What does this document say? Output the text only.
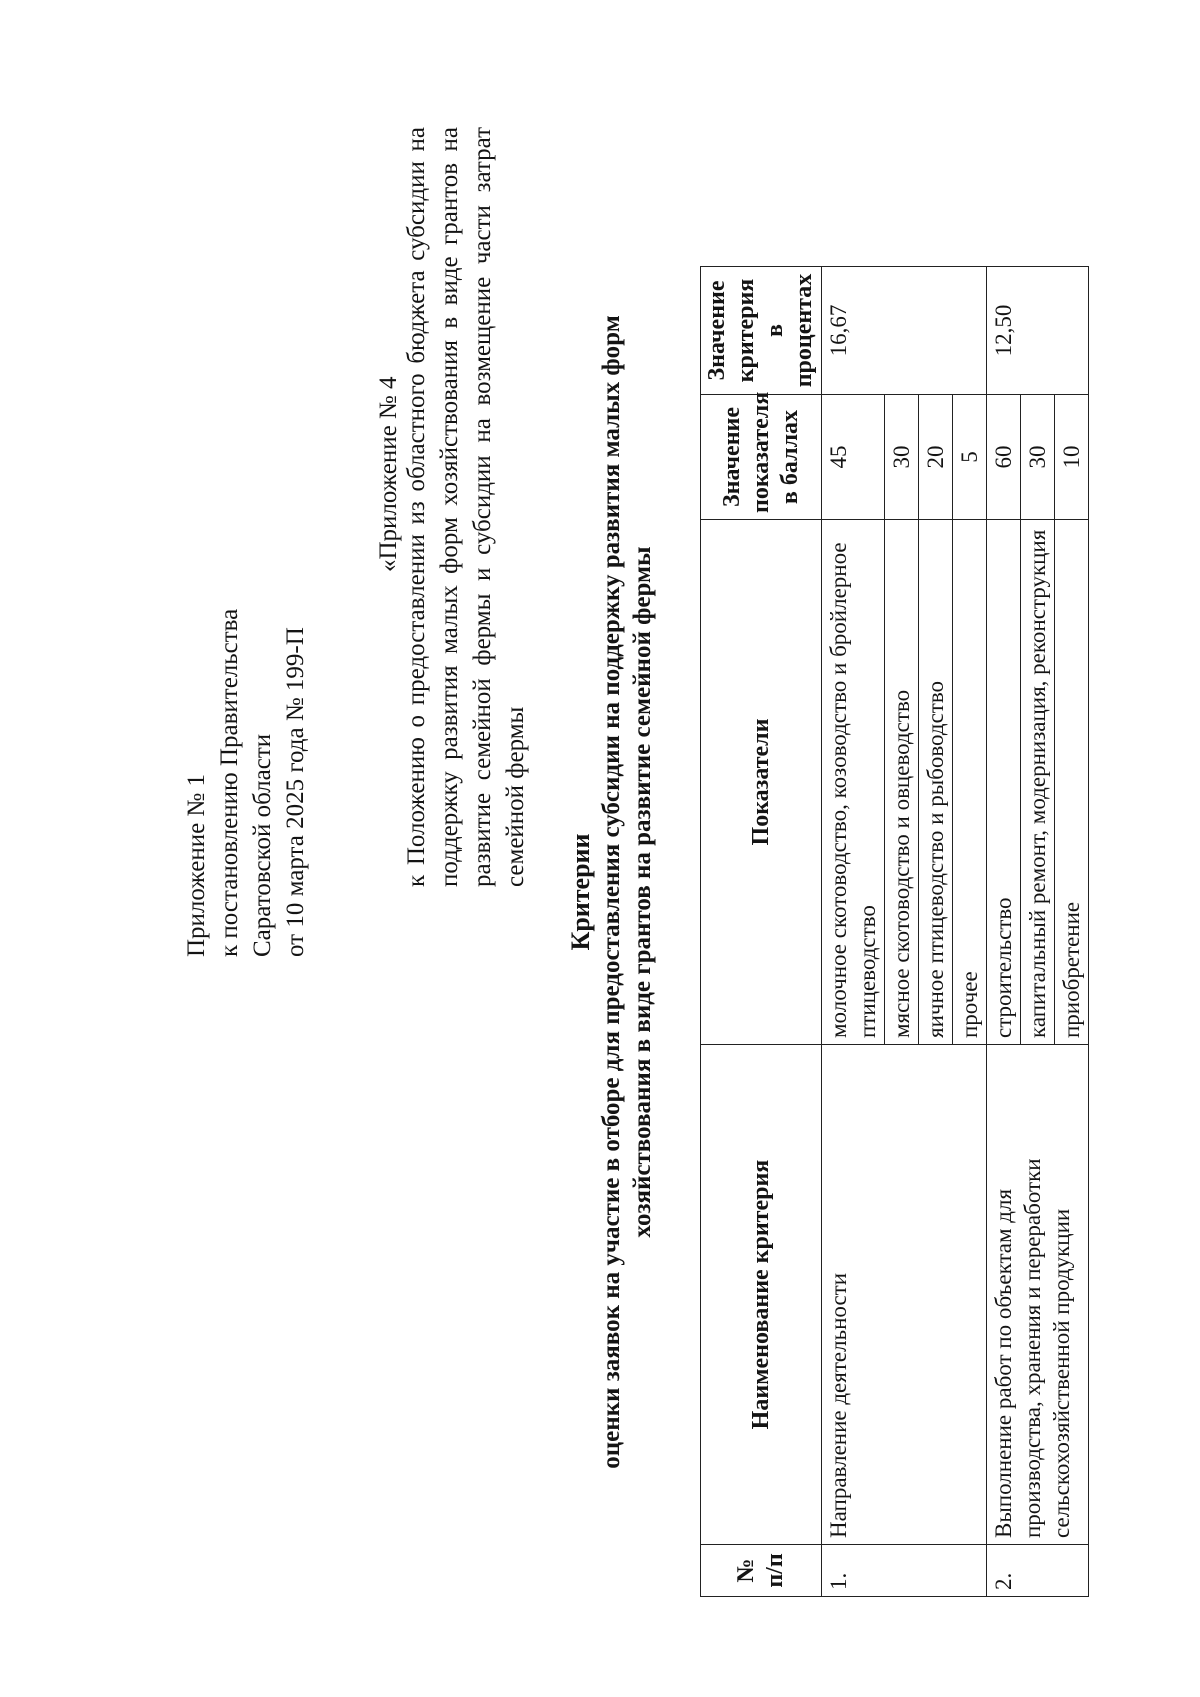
Приложение № 1 к постановлению Правительства Саратовской области от 10 марта 2025 года № 199-П
«Приложение № 4 к Положению о предоставлении из областного бюджета субсидии на поддержку развития малых форм хозяйствования в виде грантов на развитие семейной фермы и субсидии на возмещение части затрат семейной фермы
Критерии оценки заявок на участие в отборе для предоставления субсидии на поддержку развития малых форм хозяйствования в виде грантов на развитие семейной фермы
№ п/п	Наименование критерия	Показатели	Значение показателя в баллах	Значение критерия в процентах
1.	Направление деятельности	молочное скотоводство, козоводство и бройлерное птицеводство	45	16,67
		мясное скотоводство и овцеводство	30	
		яичное птицеводство и рыбоводство	20	
		прочее	5	
2.	Выполнение работ по объектам для производства, хранения и переработки сельскохозяйственной продукции	строительство	60	12,50
		капитальный ремонт, модернизация, реконструкция	30	
		приобретение	10	
